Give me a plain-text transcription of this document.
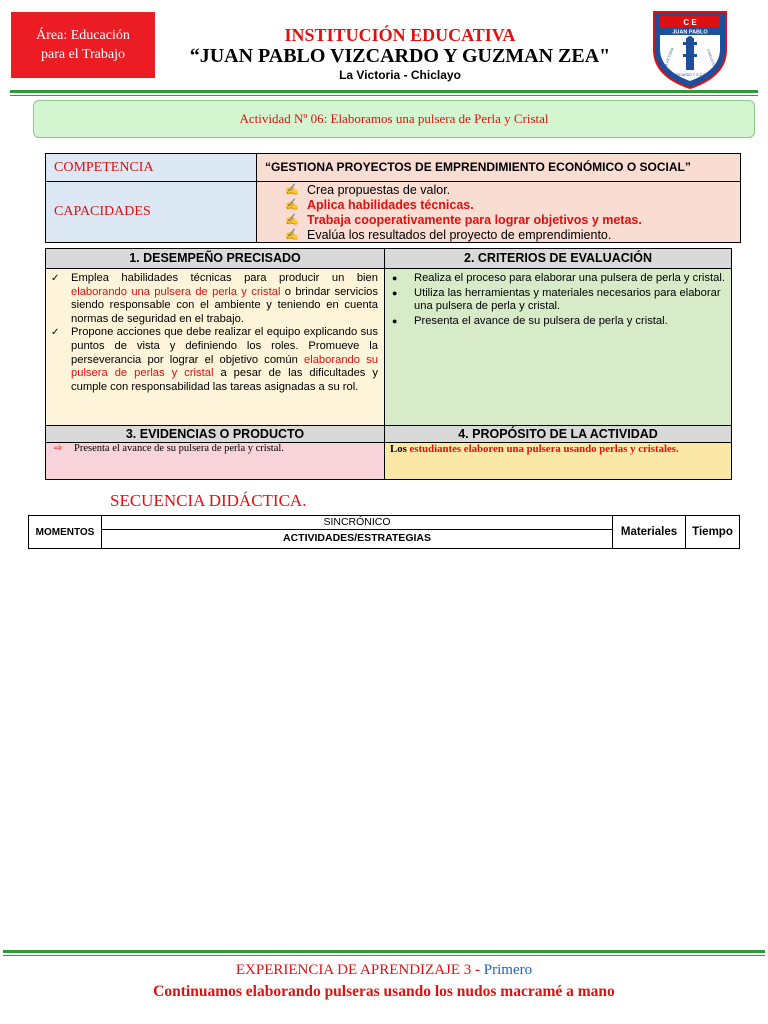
Área: Educación
para el Trabajo
INSTITUCIÓN EDUCATIVA
“JUAN PABLO VIZCARDO Y GUZMAN ZEA"
La Victoria - Chiclayo
C E
JUAN PABLO
LA VICTORIA	CHICLAYO
VIZCARDO Y G.Z.A.
Actividad Nº 06: Elaboramos una pulsera de Perla y Cristal
COMPETENCIA	“GESTIONA PROYECTOS DE EMPRENDIMIENTO ECONÓMICO O SOCIAL”
CAPACIDADES
✍ Crea propuestas de valor.
✍ Aplica habilidades técnicas.
✍ Trabaja cooperativamente para lograr objetivos y metas.
✍ Evalúa los resultados del proyecto de emprendimiento.
1. DESEMPEÑO PRECISADO	2. CRITERIOS DE EVALUACIÓN
✓	Emplea habilidades técnicas para producir un bien elaborando una pulsera de perla y cristal o brindar servicios siendo responsable con el ambiente y teniendo en cuenta normas de seguridad en el trabajo.
✓	Propone acciones que debe realizar el equipo explicando sus puntos de vista y definiendo los roles. Promueve la perseverancia por lograr el objetivo común elaborando su pulsera de perlas y cristal a pesar de las dificultades y cumple con responsabilidad las tareas asignadas a su rol.
●	Realiza el proceso para elaborar una pulsera de perla y cristal.
●	Utiliza las herramientas y materiales necesarios para elaborar una pulsera de perla y cristal.
●	Presenta el avance de su pulsera de perla y cristal.
3. EVIDENCIAS O PRODUCTO	4. PROPÓSITO DE LA ACTIVIDAD
⇨	Presenta el avance de su pulsera de perla y cristal.	Los estudiantes elaboren una pulsera usando perlas y cristales.
SECUENCIA DIDÁCTICA.
MOMENTOS
SINCRÓNICO
ACTIVIDADES/ESTRATEGIAS	Materiales	Tiempo
EXPERIENCIA DE APRENDIZAJE 3 - Primero
Continuamos elaborando pulseras usando los nudos macramé a mano
